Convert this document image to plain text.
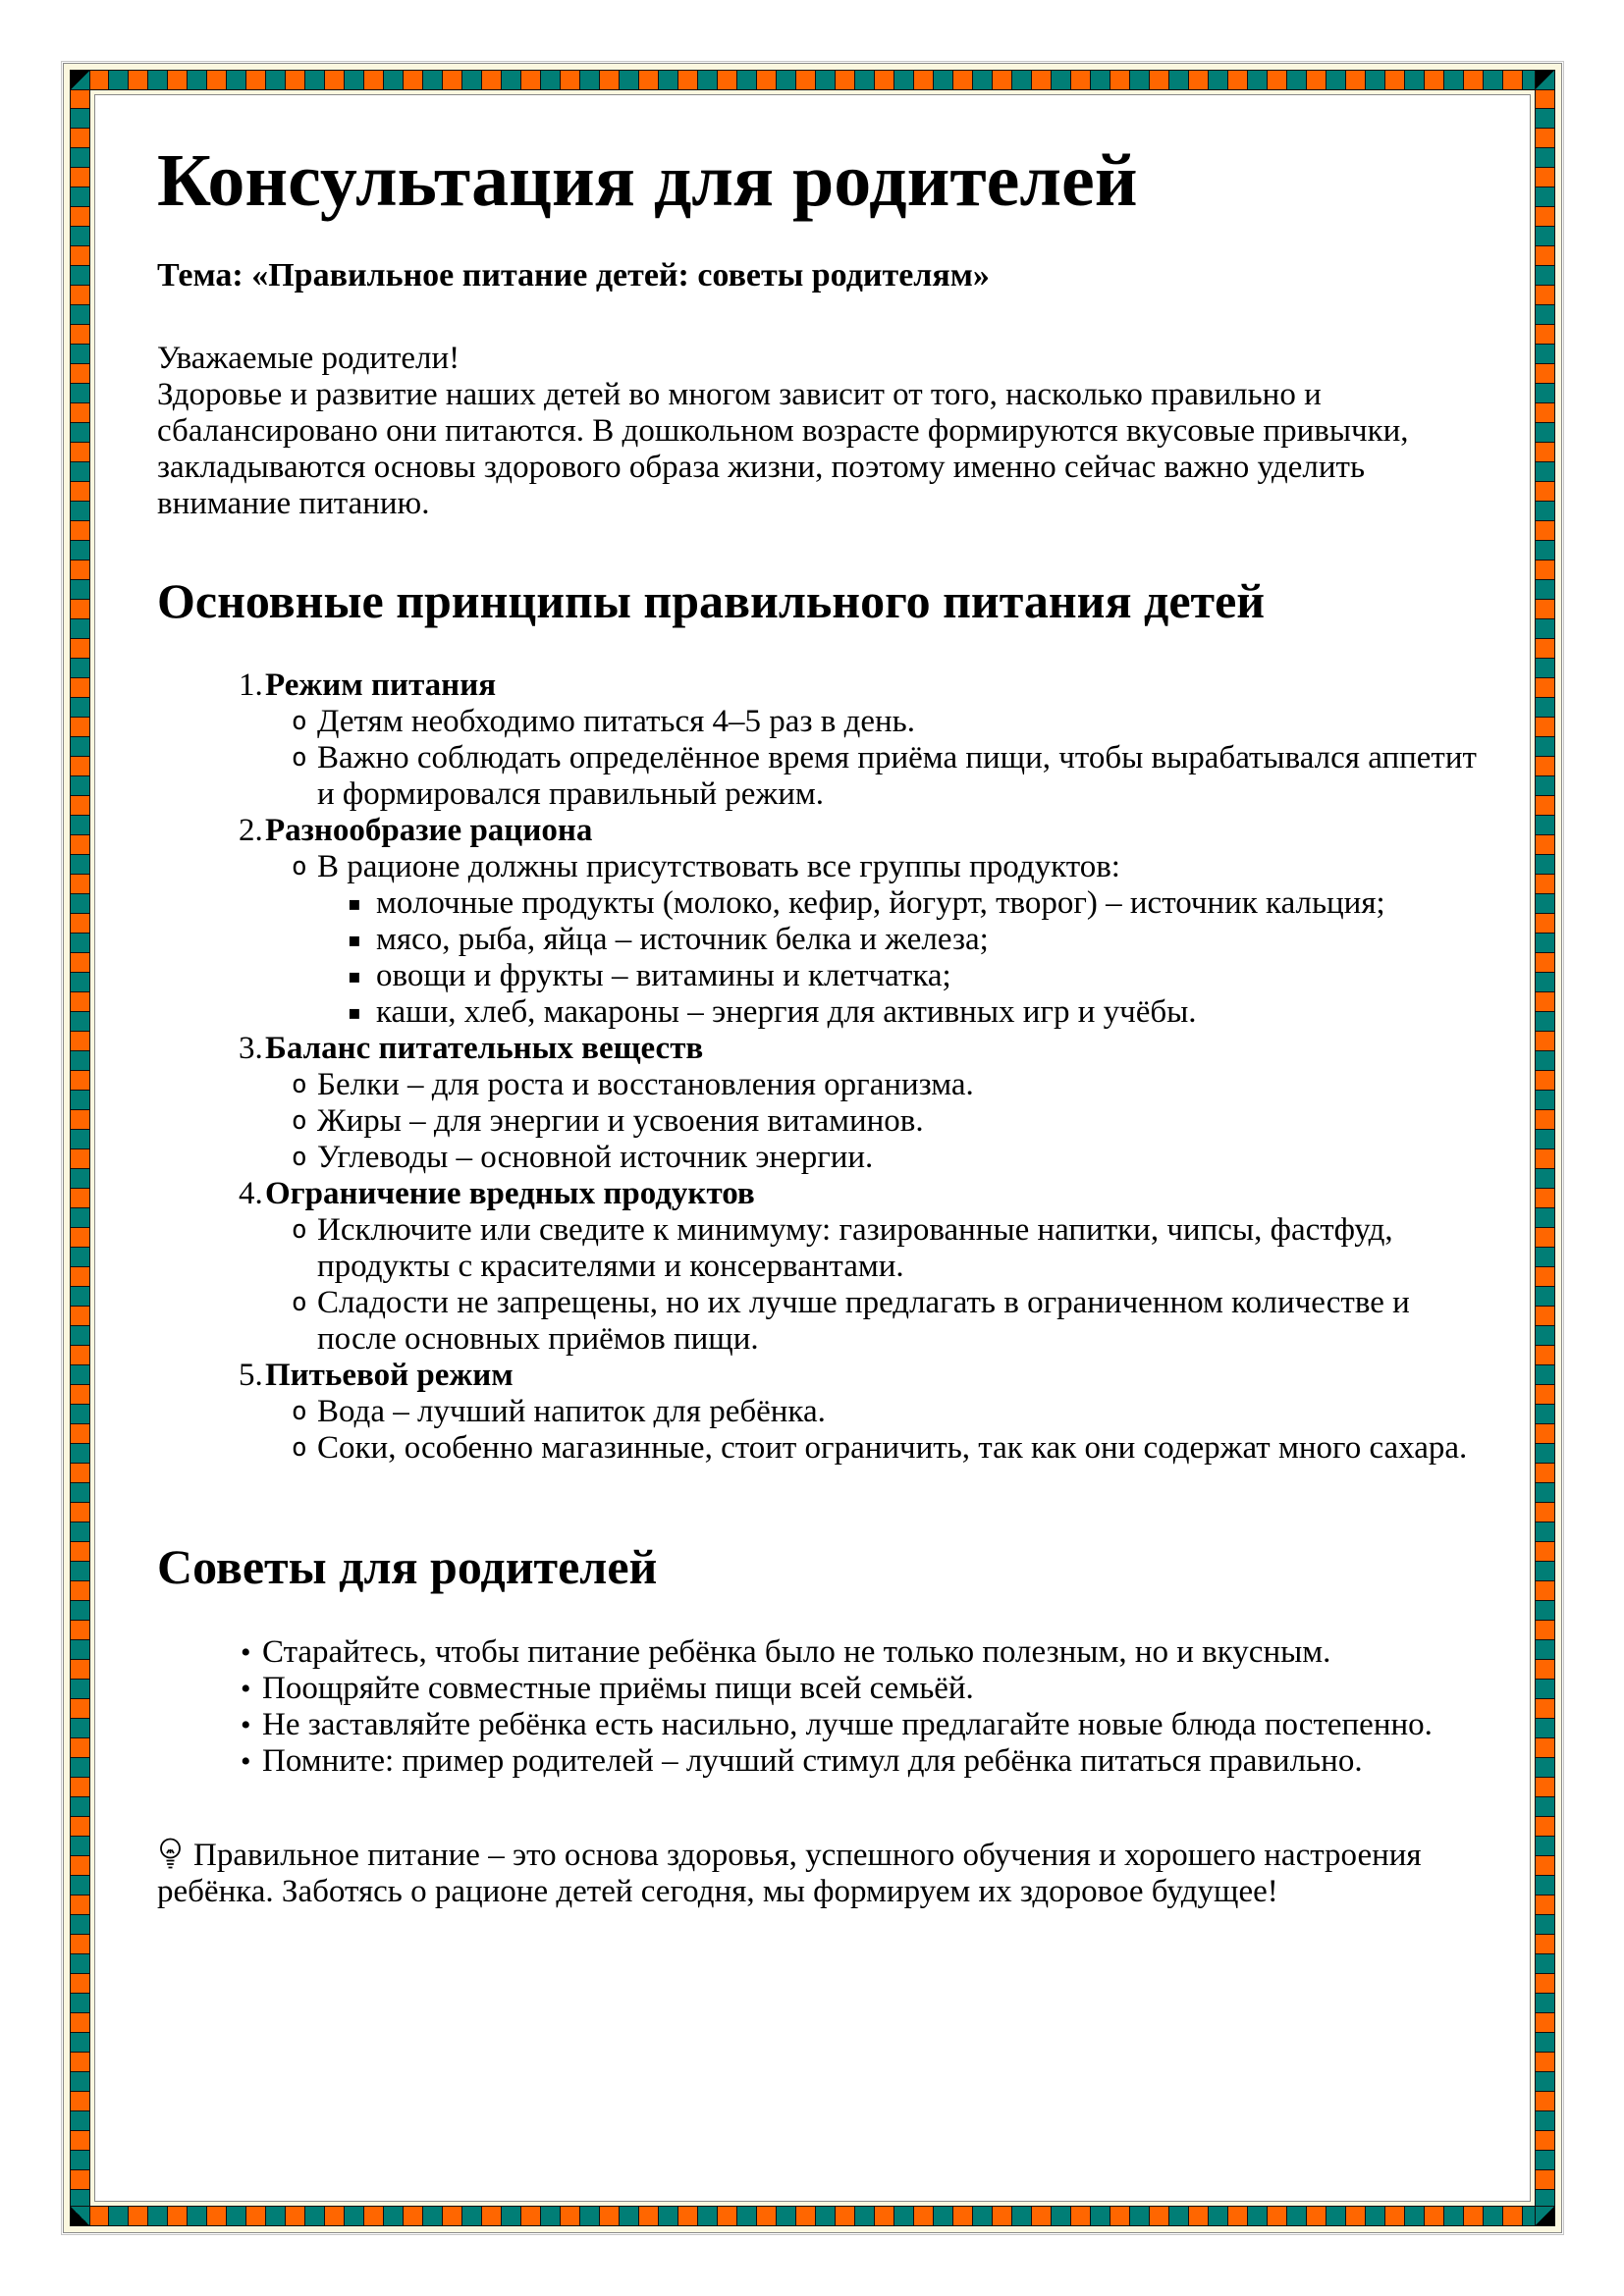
Консультация для родителей

Тема: «Правильное питание детей: советы родителям»

Уважаемые родители!
Здоровье и развитие наших детей во многом зависит от того, насколько правильно и сбалансировано они питаются. В дошкольном возрасте формируются вкусовые привычки, закладываются основы здорового образа жизни, поэтому именно сейчас важно уделить внимание питанию.

Основные принципы правильного питания детей
1. Режим питания
o Детям необходимо питаться 4–5 раз в день.
o Важно соблюдать определённое время приёма пищи, чтобы вырабатывался аппетит и формировался правильный режим.
2. Разнообразие рациона
o В рационе должны присутствовать все группы продуктов:
▪ молочные продукты (молоко, кефир, йогурт, творог) – источник кальция;
▪ мясо, рыба, яйца – источник белка и железа;
▪ овощи и фрукты – витамины и клетчатка;
▪ каши, хлеб, макароны – энергия для активных игр и учёбы.
3. Баланс питательных веществ
o Белки – для роста и восстановления организма.
o Жиры – для энергии и усвоения витаминов.
o Углеводы – основной источник энергии.
4. Ограничение вредных продуктов
o Исключите или сведите к минимуму: газированные напитки, чипсы, фастфуд, продукты с красителями и консервантами.
o Сладости не запрещены, но их лучше предлагать в ограниченном количестве и после основных приёмов пищи.
5. Питьевой режим
o Вода – лучший напиток для ребёнка.
o Соки, особенно магазинные, стоит ограничить, так как они содержат много сахара.
Советы для родителей
• Старайтесь, чтобы питание ребёнка было не только полезным, но и вкусным.
• Поощряйте совместные приёмы пищи всей семьёй.
• Не заставляйте ребёнка есть насильно, лучше предлагайте новые блюда постепенно.
• Помните: пример родителей – лучший стимул для ребёнка питаться правильно.

Правильное питание – это основа здоровья, успешного обучения и хорошего настроения ребёнка. Заботясь о рационе детей сегодня, мы формируем их здоровое будущее!
